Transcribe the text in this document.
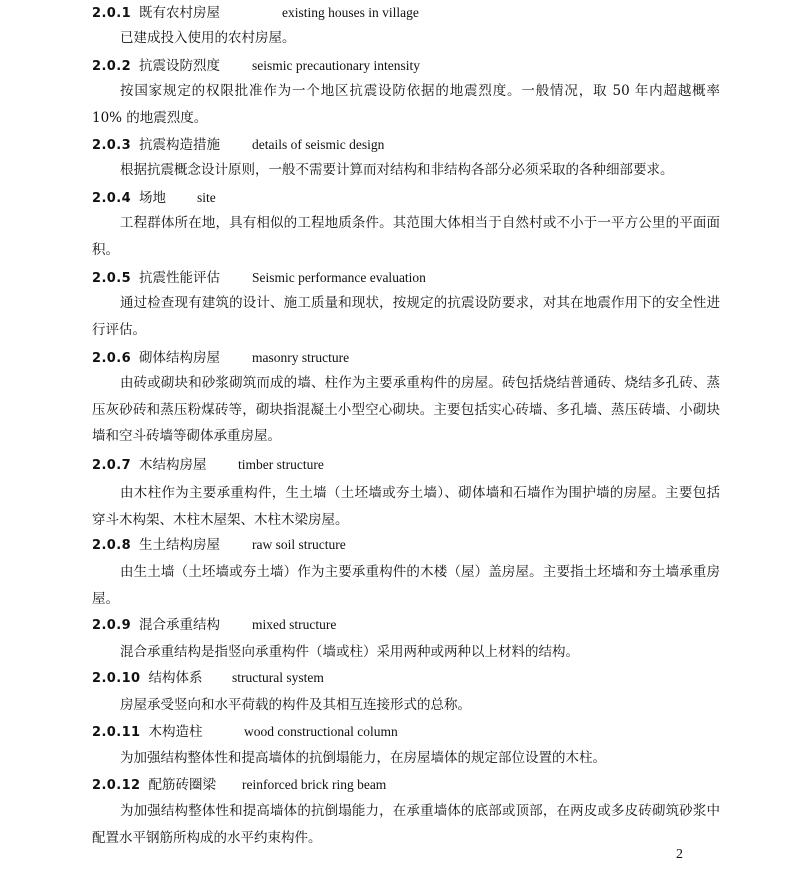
2.0.1 既有农村房屋	existing houses in village

已建成投入使用的农村房屋。

2.0.2 抗震设防烈度 seismic precautionary intensity

按国家规定的权限批准作为一个地区抗震设防依据的地震烈度。一般情况，取 50 年内超越概率 10% 的地震烈度。

2.0.3 抗震构造措施 details of seismic design

根据抗震概念设计原则，一般不需要计算而对结构和非结构各部分必须采取的各种细部要求。

2.0.4 场地 site

工程群体所在地，具有相似的工程地质条件。其范围大体相当于自然村或不小于一平方公里的平面面积。

2.0.5 抗震性能评估 Seismic performance evaluation

通过检查现有建筑的设计、施工质量和现状，按规定的抗震设防要求，对其在地震作用下的安全性进行评估。

2.0.6 砌体结构房屋 masonry structure

由砖或砌块和砂浆砌筑而成的墙、柱作为主要承重构件的房屋。砖包括烧结普通砖、烧结多孔砖、蒸压灰砂砖和蒸压粉煤砖等，砌块指混凝土小型空心砌块。主要包括实心砖墙、多孔墙、蒸压砖墙、小砌块墙和空斗砖墙等砌体承重房屋。

2.0.7 木结构房屋 timber structure

由木柱作为主要承重构件，生土墙（土坯墙或夯土墙）、砌体墙和石墙作为围护墙的房屋。主要包括穿斗木构架、木柱木屋架、木柱木梁房屋。

2.0.8 生土结构房屋 raw soil structure

由生土墙（土坯墙或夯土墙）作为主要承重构件的木楼（屋）盖房屋。主要指土坯墙和夯土墙承重房屋。

2.0.9 混合承重结构 mixed structure

混合承重结构是指竖向承重构件（墙或柱）采用两种或两种以上材料的结构。

2.0.10 结构体系 structural system

房屋承受竖向和水平荷载的构件及其相互连接形式的总称。

2.0.11 木构造柱	wood constructional column

为加强结构整体性和提高墙体的抗倒塌能力，在房屋墙体的规定部位设置的木柱。

2.0.12 配筋砖圈梁 reinforced brick ring beam

为加强结构整体性和提高墙体的抗倒塌能力，在承重墙体的底部或顶部，在两皮或多皮砖砌筑砂浆中配置水平钢筋所构成的水平约束构件。

2
